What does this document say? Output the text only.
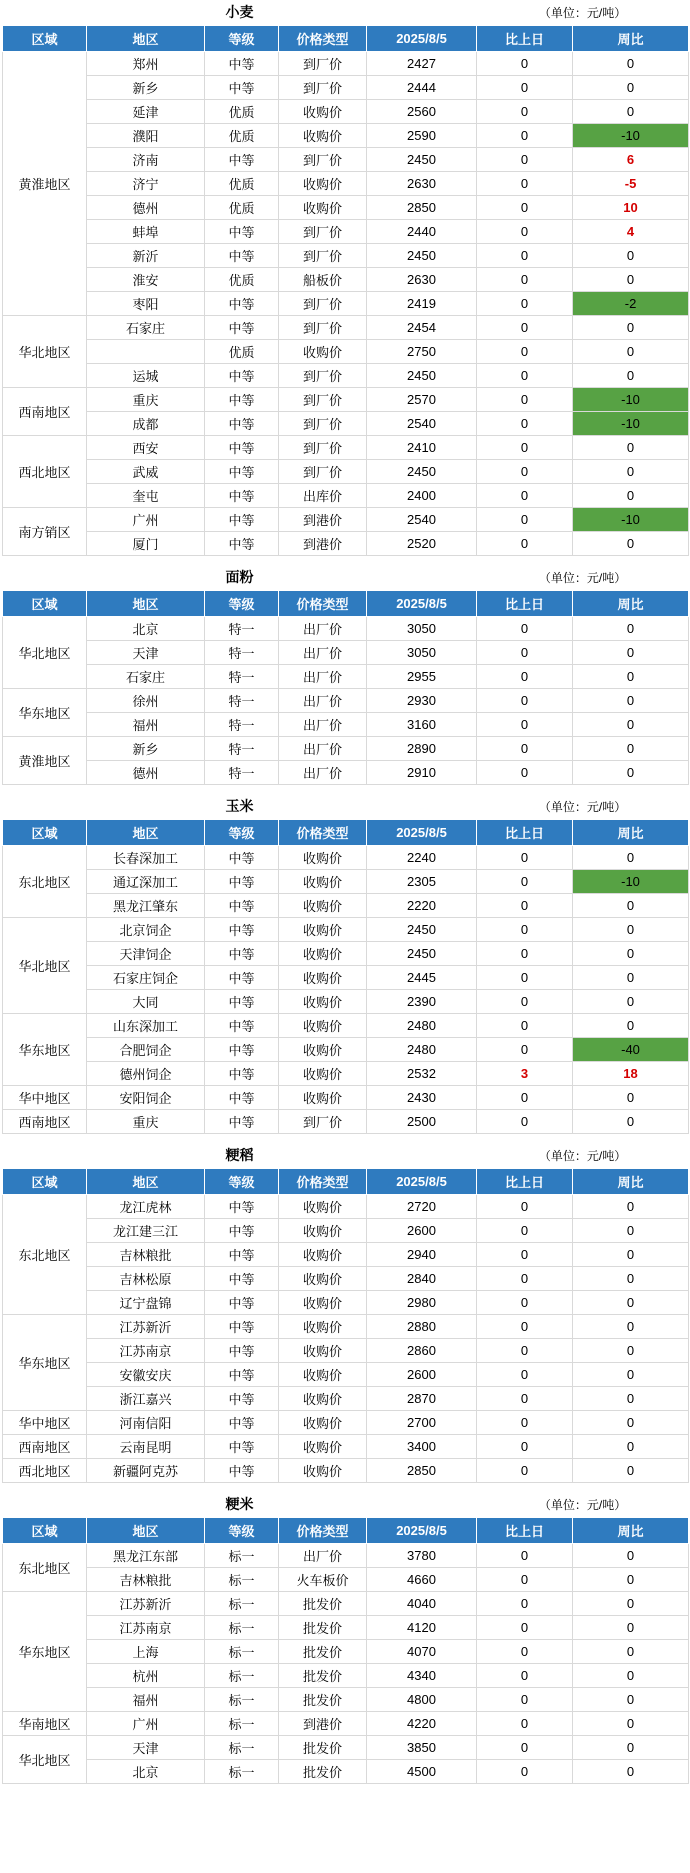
小麦					（单位：元/吨）	
区域	地区	等级	价格类型	2025/8/5	比上日	周比
黄淮地区	郑州	中等	到厂价	2427	0	0
	新乡	中等	到厂价	2444	0	0
	延津	优质	收购价	2560	0	0
	濮阳	优质	收购价	2590	0	-10
	济南	中等	到厂价	2450	0	6
	济宁	优质	收购价	2630	0	-5
	德州	优质	收购价	2850	0	10
	蚌埠	中等	到厂价	2440	0	4
	新沂	中等	到厂价	2450	0	0
	淮安	优质	船板价	2630	0	0
	枣阳	中等	到厂价	2419	0	-2
华北地区	石家庄	中等	到厂价	2454	0	0
		优质	收购价	2750	0	0
	运城	中等	到厂价	2450	0	0
西南地区	重庆	中等	到厂价	2570	0	-10
	成都	中等	到厂价	2540	0	-10
西北地区	西安	中等	到厂价	2410	0	0
	武威	中等	到厂价	2450	0	0
	奎屯	中等	出库价	2400	0	0
南方销区	广州	中等	到港价	2540	0	-10
	厦门	中等	到港价	2520	0	0
面粉					（单位：元/吨）	
区域	地区	等级	价格类型	2025/8/5	比上日	周比
华北地区	北京	特一	出厂价	3050	0	0
	天津	特一	出厂价	3050	0	0
	石家庄	特一	出厂价	2955	0	0
华东地区	徐州	特一	出厂价	2930	0	0
	福州	特一	出厂价	3160	0	0
黄淮地区	新乡	特一	出厂价	2890	0	0
	德州	特一	出厂价	2910	0	0
玉米					（单位：元/吨）	
区域	地区	等级	价格类型	2025/8/5	比上日	周比
东北地区	长春深加工	中等	收购价	2240	0	0
	通辽深加工	中等	收购价	2305	0	-10
	黑龙江肇东	中等	收购价	2220	0	0
华北地区	北京饲企	中等	收购价	2450	0	0
	天津饲企	中等	收购价	2450	0	0
	石家庄饲企	中等	收购价	2445	0	0
	大同	中等	收购价	2390	0	0
华东地区	山东深加工	中等	收购价	2480	0	0
	合肥饲企	中等	收购价	2480	0	-40
	德州饲企	中等	收购价	2532	3	18
华中地区	安阳饲企	中等	收购价	2430	0	0
西南地区	重庆	中等	到厂价	2500	0	0
粳稻					（单位：元/吨）	
区域	地区	等级	价格类型	2025/8/5	比上日	周比
东北地区	龙江虎林	中等	收购价	2720	0	0
	龙江建三江	中等	收购价	2600	0	0
	吉林粮批	中等	收购价	2940	0	0
	吉林松原	中等	收购价	2840	0	0
	辽宁盘锦	中等	收购价	2980	0	0
华东地区	江苏新沂	中等	收购价	2880	0	0
	江苏南京	中等	收购价	2860	0	0
	安徽安庆	中等	收购价	2600	0	0
	浙江嘉兴	中等	收购价	2870	0	0
华中地区	河南信阳	中等	收购价	2700	0	0
西南地区	云南昆明	中等	收购价	3400	0	0
西北地区	新疆阿克苏	中等	收购价	2850	0	0
粳米					（单位：元/吨）	
区域	地区	等级	价格类型	2025/8/5	比上日	周比
东北地区	黑龙江东部	标一	出厂价	3780	0	0
	吉林粮批	标一	火车板价	4660	0	0
华东地区	江苏新沂	标一	批发价	4040	0	0
	江苏南京	标一	批发价	4120	0	0
	上海	标一	批发价	4070	0	0
	杭州	标一	批发价	4340	0	0
	福州	标一	批发价	4800	0	0
华南地区	广州	标一	到港价	4220	0	0
华北地区	天津	标一	批发价	3850	0	0
	北京	标一	批发价	4500	0	0
